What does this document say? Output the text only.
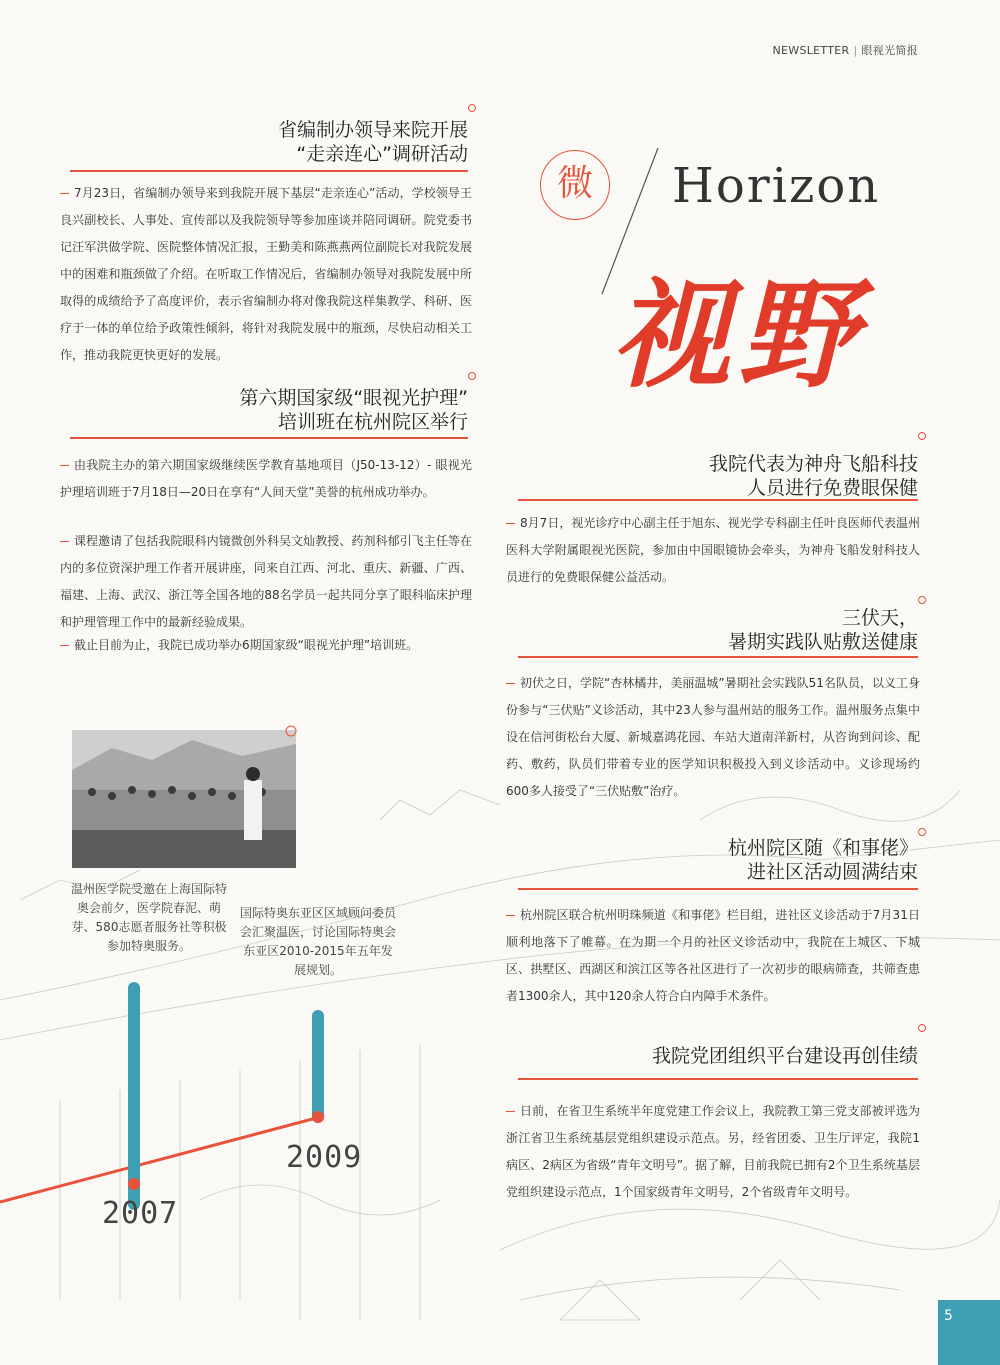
NEWSLETTER | 眼视光简报
微	Horizon
视野
省编制办领导来院开展
“走亲连心”调研活动
7月23日，省编制办领导来到我院开展下基层“走亲连心”活动，学校领导王良兴副校长、人事处、宣传部以及我院领导等参加座谈并陪同调研。院党委书记汪军洪做学院、医院整体情况汇报，王勤美和陈燕燕两位副院长对我院发展中的困难和瓶颈做了介绍。在听取工作情况后，省编制办领导对我院发展中所取得的成绩给予了高度评价，表示省编制办将对像我院这样集教学、科研、医疗于一体的单位给予政策性倾斜，将针对我院发展中的瓶颈，尽快启动相关工作，推动我院更快更好的发展。
第六期国家级“眼视光护理”
培训班在杭州院区举行
由我院主办的第六期国家级继续医学教育基地项目（J50-13-12）- 眼视光护理培训班于7月18日—20日在享有“人间天堂”美誉的杭州成功举办。
课程邀请了包括我院眼科内镜微创外科吴文灿教授、药剂科郁引飞主任等在内的多位资深护理工作者开展讲座，同来自江西、河北、重庆、新疆、广西、福建、上海、武汉、浙江等全国各地的88名学员一起共同分享了眼科临床护理和护理管理工作中的最新经验成果。
截止目前为止，我院已成功举办6期国家级“眼视光护理”培训班。
我院代表为神舟飞船科技
人员进行免费眼保健
8月7日，视光诊疗中心副主任于旭东、视光学专科副主任叶良医师代表温州医科大学附属眼视光医院，参加由中国眼镜协会牵头，为神舟飞船发射科技人员进行的免费眼保健公益活动。
三伏天，
暑期实践队贴敷送健康
初伏之日，学院“杏林橘井，美丽温城”暑期社会实践队51名队员，以义工身份参与“三伏贴”义诊活动，其中23人参与温州站的服务工作。温州服务点集中设在信河街松台大厦、新城嘉鸿花园、车站大道南洋新村，从咨询到问诊、配药、敷药，队员们带着专业的医学知识积极投入到义诊活动中。义诊现场约600多人接受了“三伏贴敷”治疗。
杭州院区随《和事佬》
进社区活动圆满结束
杭州院区联合杭州明珠频道《和事佬》栏目组，进社区义诊活动于7月31日顺利地落下了帷幕。在为期一个月的社区义诊活动中，我院在上城区、下城区、拱墅区、西湖区和滨江区等各社区进行了一次初步的眼病筛查，共筛查患者1300余人，其中120余人符合白内障手术条件。
我院党团组织平台建设再创佳绩
日前，在省卫生系统半年度党建工作会议上，我院教工第三党支部被评选为浙江省卫生系统基层党组织建设示范点。另，经省团委、卫生厅评定，我院1病区、2病区为省级“青年文明号”。据了解，目前我院已拥有2个卫生系统基层党组织建设示范点，1个国家级青年文明号，2个省级青年文明号。
温州医学院受邀在上海国际特奥会前夕，医学院春泥、萌芽、580志愿者服务社等积极参加特奥服务。
国际特奥东亚区区域顾问委员会汇聚温医，讨论国际特奥会东亚区2010-2015年五年发展规划。
2009
2007
5
